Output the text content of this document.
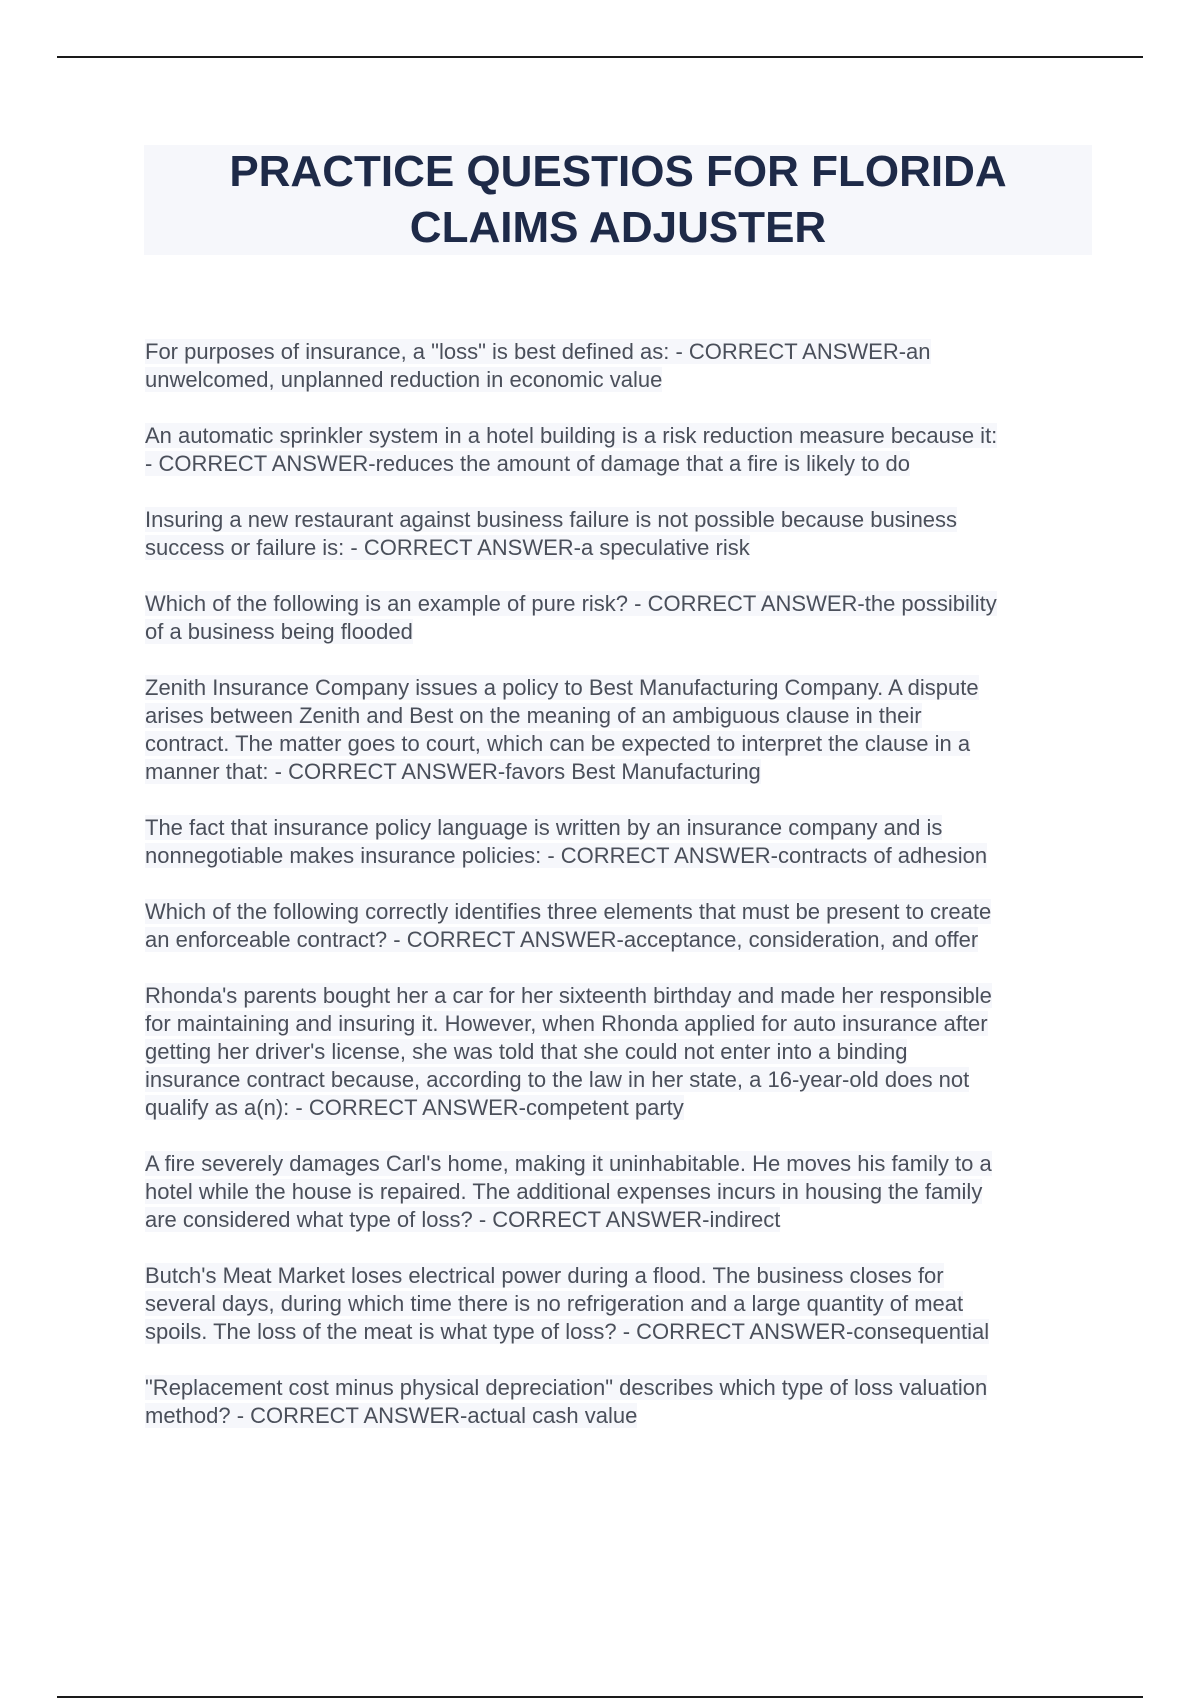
PRACTICE QUESTIOS FOR FLORIDA
CLAIMS ADJUSTER
For purposes of insurance, a "loss" is best defined as: - CORRECT ANSWER-an
unwelcomed, unplanned reduction in economic value
An automatic sprinkler system in a hotel building is a risk reduction measure because it:
- CORRECT ANSWER-reduces the amount of damage that a fire is likely to do
Insuring a new restaurant against business failure is not possible because business
success or failure is: - CORRECT ANSWER-a speculative risk
Which of the following is an example of pure risk? - CORRECT ANSWER-the possibility
of a business being flooded
Zenith Insurance Company issues a policy to Best Manufacturing Company. A dispute
arises between Zenith and Best on the meaning of an ambiguous clause in their
contract. The matter goes to court, which can be expected to interpret the clause in a
manner that: - CORRECT ANSWER-favors Best Manufacturing
The fact that insurance policy language is written by an insurance company and is
nonnegotiable makes insurance policies: - CORRECT ANSWER-contracts of adhesion
Which of the following correctly identifies three elements that must be present to create
an enforceable contract? - CORRECT ANSWER-acceptance, consideration, and offer
Rhonda's parents bought her a car for her sixteenth birthday and made her responsible
for maintaining and insuring it. However, when Rhonda applied for auto insurance after
getting her driver's license, she was told that she could not enter into a binding
insurance contract because, according to the law in her state, a 16-year-old does not
qualify as a(n): - CORRECT ANSWER-competent party
A fire severely damages Carl's home, making it uninhabitable. He moves his family to a
hotel while the house is repaired. The additional expenses incurs in housing the family
are considered what type of loss? - CORRECT ANSWER-indirect
Butch's Meat Market loses electrical power during a flood. The business closes for
several days, during which time there is no refrigeration and a large quantity of meat
spoils. The loss of the meat is what type of loss? - CORRECT ANSWER-consequential
"Replacement cost minus physical depreciation" describes which type of loss valuation
method? - CORRECT ANSWER-actual cash value
